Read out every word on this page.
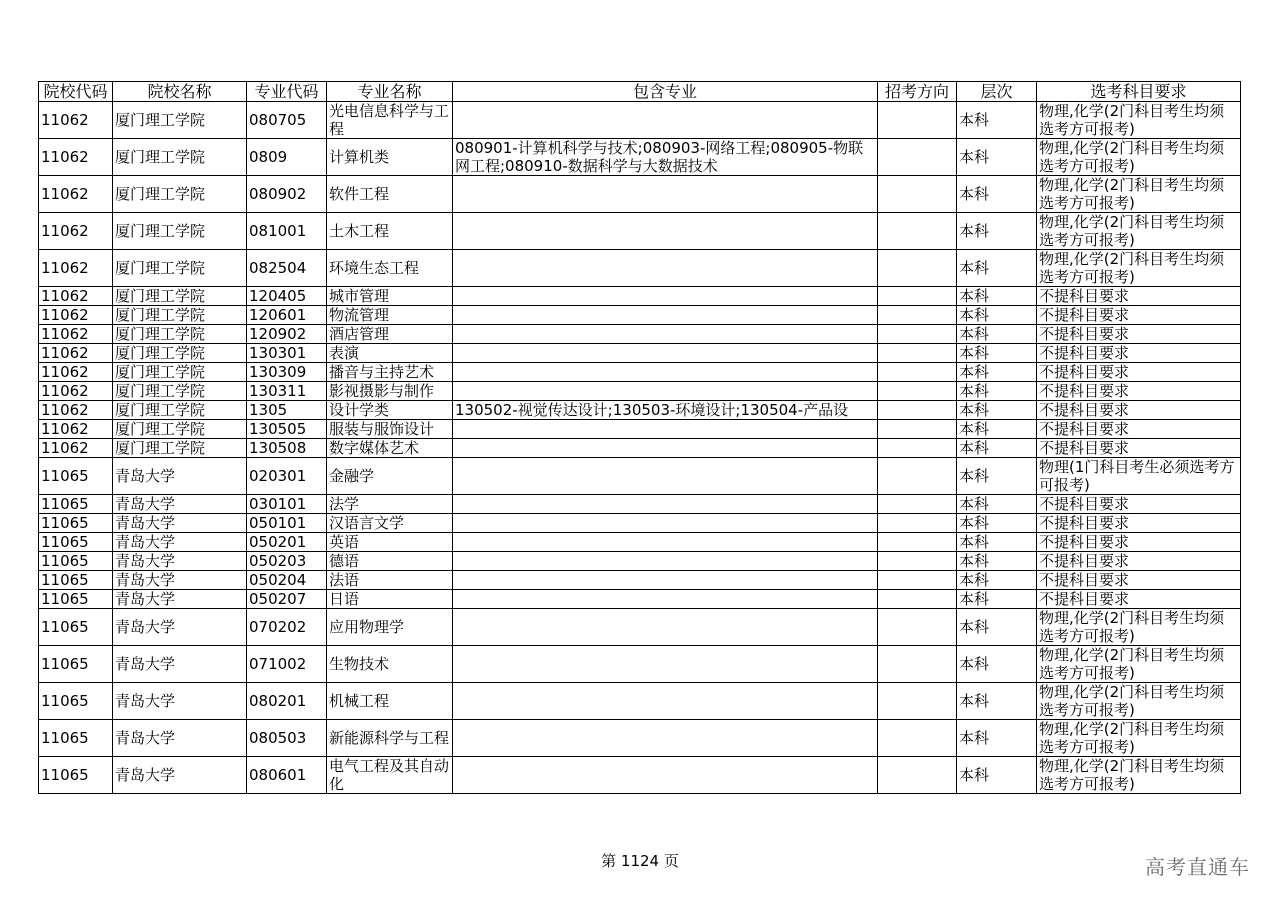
院校代码	院校名称	专业代码	专业名称	包含专业	招考方向	层次	选考科目要求
11062	厦门理工学院	080705	光电信息科学与工程			本科	物理,化学(2门科目考生均须选考方可报考)
11062	厦门理工学院	0809	计算机类	080901-计算机科学与技术;080903-网络工程;080905-物联网工程;080910-数据科学与大数据技术		本科	物理,化学(2门科目考生均须选考方可报考)
11062	厦门理工学院	080902	软件工程			本科	物理,化学(2门科目考生均须选考方可报考)
11062	厦门理工学院	081001	土木工程			本科	物理,化学(2门科目考生均须选考方可报考)
11062	厦门理工学院	082504	环境生态工程			本科	物理,化学(2门科目考生均须选考方可报考)
11062	厦门理工学院	120405	城市管理			本科	不提科目要求
11062	厦门理工学院	120601	物流管理			本科	不提科目要求
11062	厦门理工学院	120902	酒店管理			本科	不提科目要求
11062	厦门理工学院	130301	表演			本科	不提科目要求
11062	厦门理工学院	130309	播音与主持艺术			本科	不提科目要求
11062	厦门理工学院	130311	影视摄影与制作			本科	不提科目要求
11062	厦门理工学院	1305	设计学类	130502-视觉传达设计;130503-环境设计;130504-产品设		本科	不提科目要求
11062	厦门理工学院	130505	服装与服饰设计			本科	不提科目要求
11062	厦门理工学院	130508	数字媒体艺术			本科	不提科目要求
11065	青岛大学	020301	金融学			本科	物理(1门科目考生必须选考方可报考)
11065	青岛大学	030101	法学			本科	不提科目要求
11065	青岛大学	050101	汉语言文学			本科	不提科目要求
11065	青岛大学	050201	英语			本科	不提科目要求
11065	青岛大学	050203	德语			本科	不提科目要求
11065	青岛大学	050204	法语			本科	不提科目要求
11065	青岛大学	050207	日语			本科	不提科目要求
11065	青岛大学	070202	应用物理学			本科	物理,化学(2门科目考生均须选考方可报考)
11065	青岛大学	071002	生物技术			本科	物理,化学(2门科目考生均须选考方可报考)
11065	青岛大学	080201	机械工程			本科	物理,化学(2门科目考生均须选考方可报考)
11065	青岛大学	080503	新能源科学与工程			本科	物理,化学(2门科目考生均须选考方可报考)
11065	青岛大学	080601	电气工程及其自动化			本科	物理,化学(2门科目考生均须选考方可报考)
第 1124 页	高考直通车
